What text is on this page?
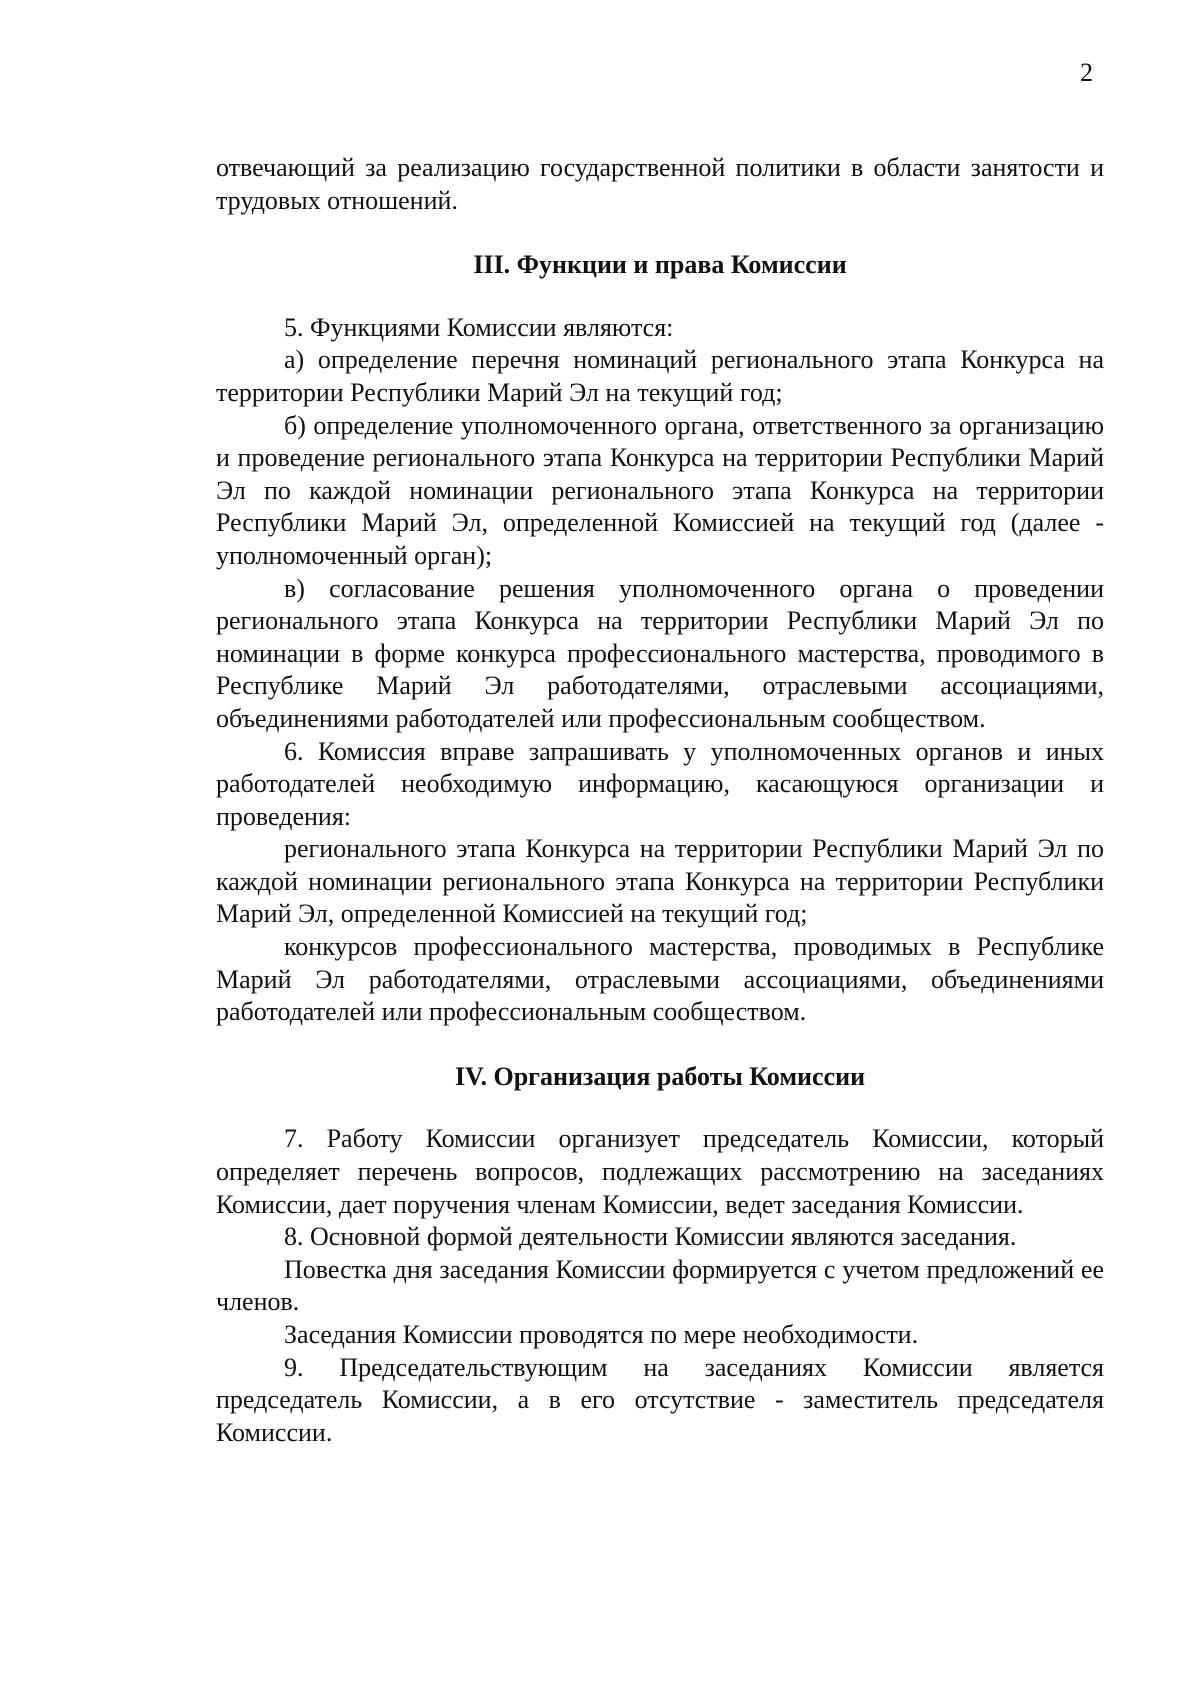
2

отвечающий за реализацию государственной политики в области занятости и трудовых отношений.

III. Функции и права Комиссии

5. Функциями Комиссии являются:

а) определение перечня номинаций регионального этапа Конкурса на территории Республики Марий Эл на текущий год;

б) определение уполномоченного органа, ответственного за организацию и проведение регионального этапа Конкурса на территории Республики Марий Эл по каждой номинации регионального этапа Конкурса на территории Республики Марий Эл, определенной Комиссией на текущий год (далее - уполномоченный орган);

в) согласование решения уполномоченного органа о проведении регионального этапа Конкурса на территории Республики Марий Эл по номинации в форме конкурса профессионального мастерства, проводимого в Республике Марий Эл работодателями, отраслевыми ассоциациями, объединениями работодателей или профессиональным сообществом.

6. Комиссия вправе запрашивать у уполномоченных органов и иных работодателей необходимую информацию, касающуюся организации и проведения:

регионального этапа Конкурса на территории Республики Марий Эл по каждой номинации регионального этапа Конкурса на территории Республики Марий Эл, определенной Комиссией на текущий год;

конкурсов профессионального мастерства, проводимых в Республике Марий Эл работодателями, отраслевыми ассоциациями, объединениями работодателей или профессиональным сообществом.

IV. Организация работы Комиссии

7. Работу Комиссии организует председатель Комиссии, который определяет перечень вопросов, подлежащих рассмотрению на заседаниях Комиссии, дает поручения членам Комиссии, ведет заседания Комиссии.

8. Основной формой деятельности Комиссии являются заседания.

Повестка дня заседания Комиссии формируется с учетом предложений ее членов.

Заседания Комиссии проводятся по мере необходимости.

9. Председательствующим на заседаниях Комиссии является председатель Комиссии, а в его отсутствие - заместитель председателя Комиссии.
